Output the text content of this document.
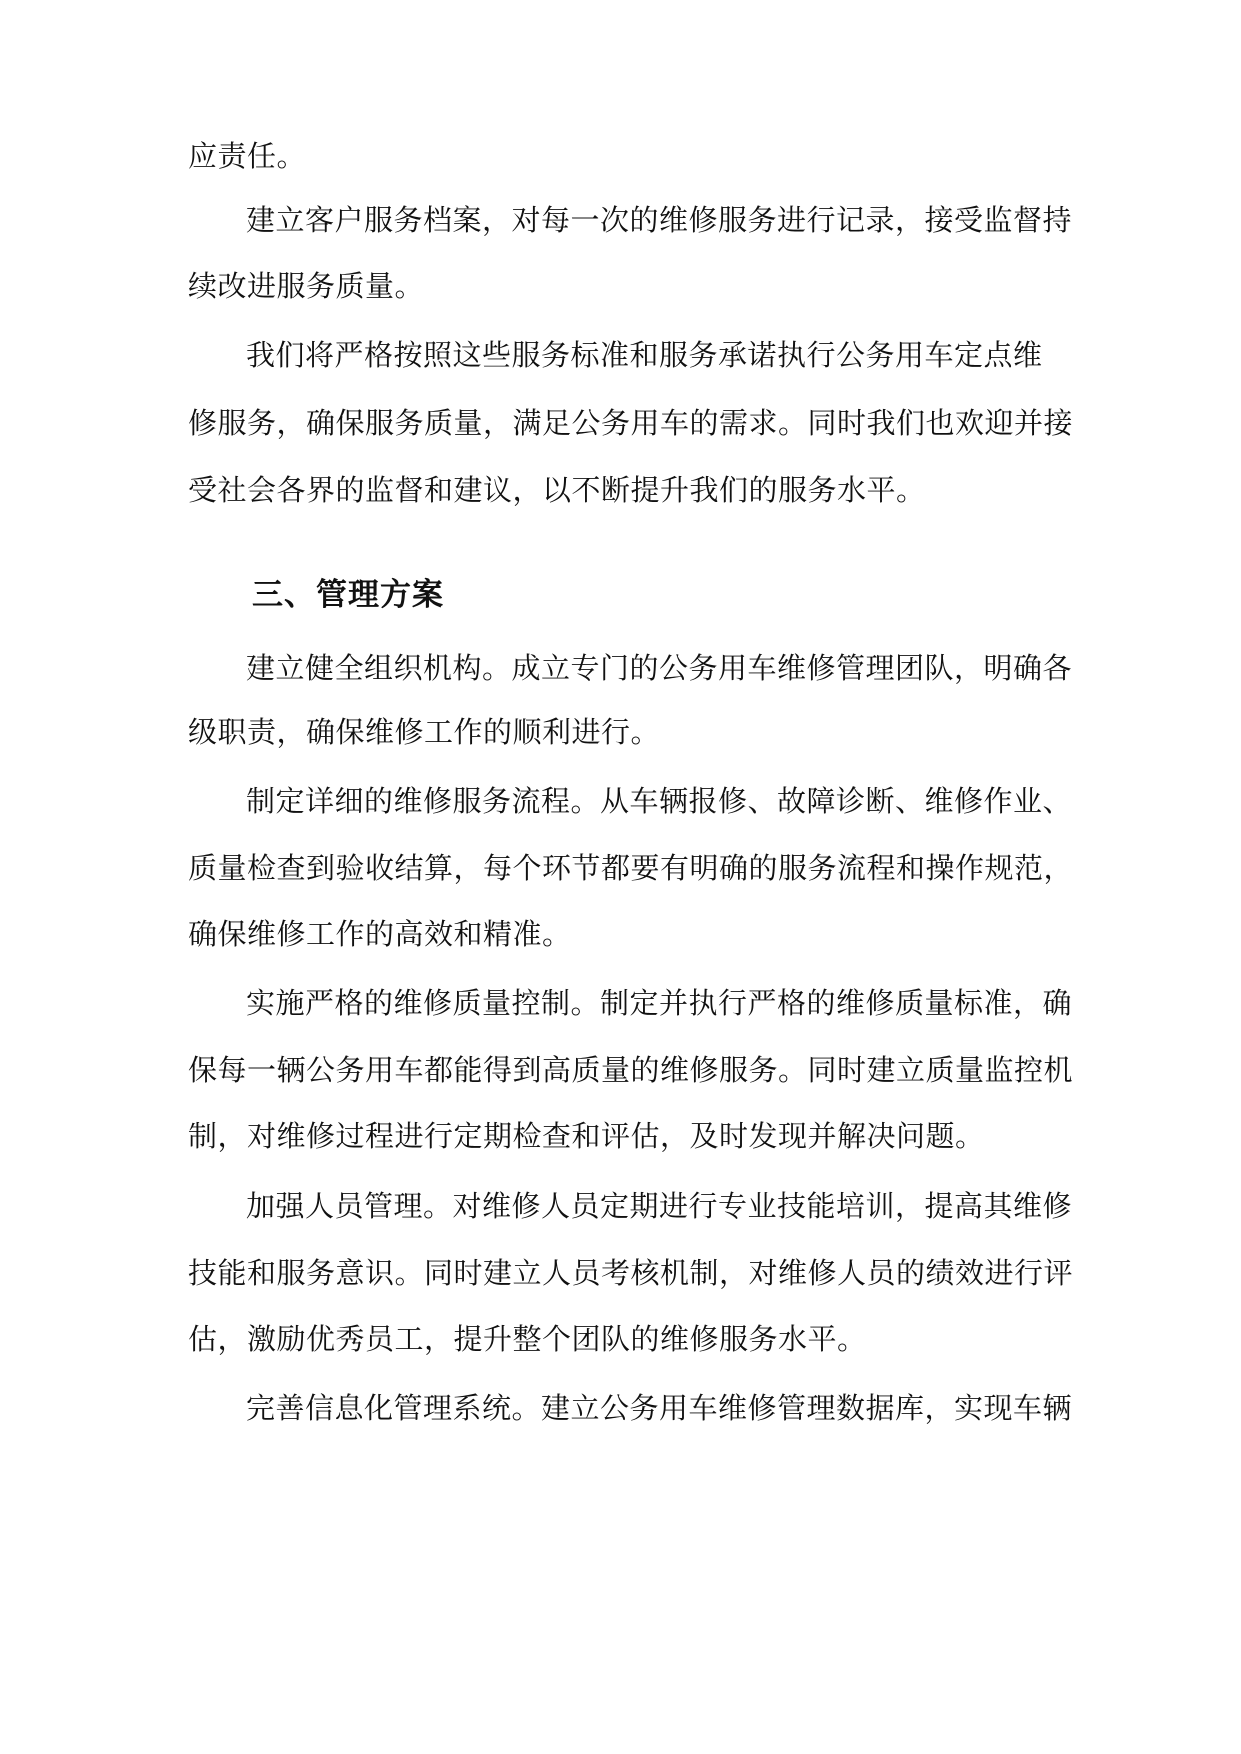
应责任。
建立客户服务档案，对每一次的维修服务进行记录，接受监督持
续改进服务质量。
我们将严格按照这些服务标准和服务承诺执行公务用车定点维
修服务，确保服务质量，满足公务用车的需求。同时我们也欢迎并接
受社会各界的监督和建议，以不断提升我们的服务水平。
三、管理方案
建立健全组织机构。成立专门的公务用车维修管理团队，明确各
级职责，确保维修工作的顺利进行。
制定详细的维修服务流程。从车辆报修、故障诊断、维修作业、
质量检查到验收结算，每个环节都要有明确的服务流程和操作规范，
确保维修工作的高效和精准。
实施严格的维修质量控制。制定并执行严格的维修质量标准，确
保每一辆公务用车都能得到高质量的维修服务。同时建立质量监控机
制，对维修过程进行定期检查和评估，及时发现并解决问题。
加强人员管理。对维修人员定期进行专业技能培训，提高其维修
技能和服务意识。同时建立人员考核机制，对维修人员的绩效进行评
估，激励优秀员工，提升整个团队的维修服务水平。
完善信息化管理系统。建立公务用车维修管理数据库，实现车辆
